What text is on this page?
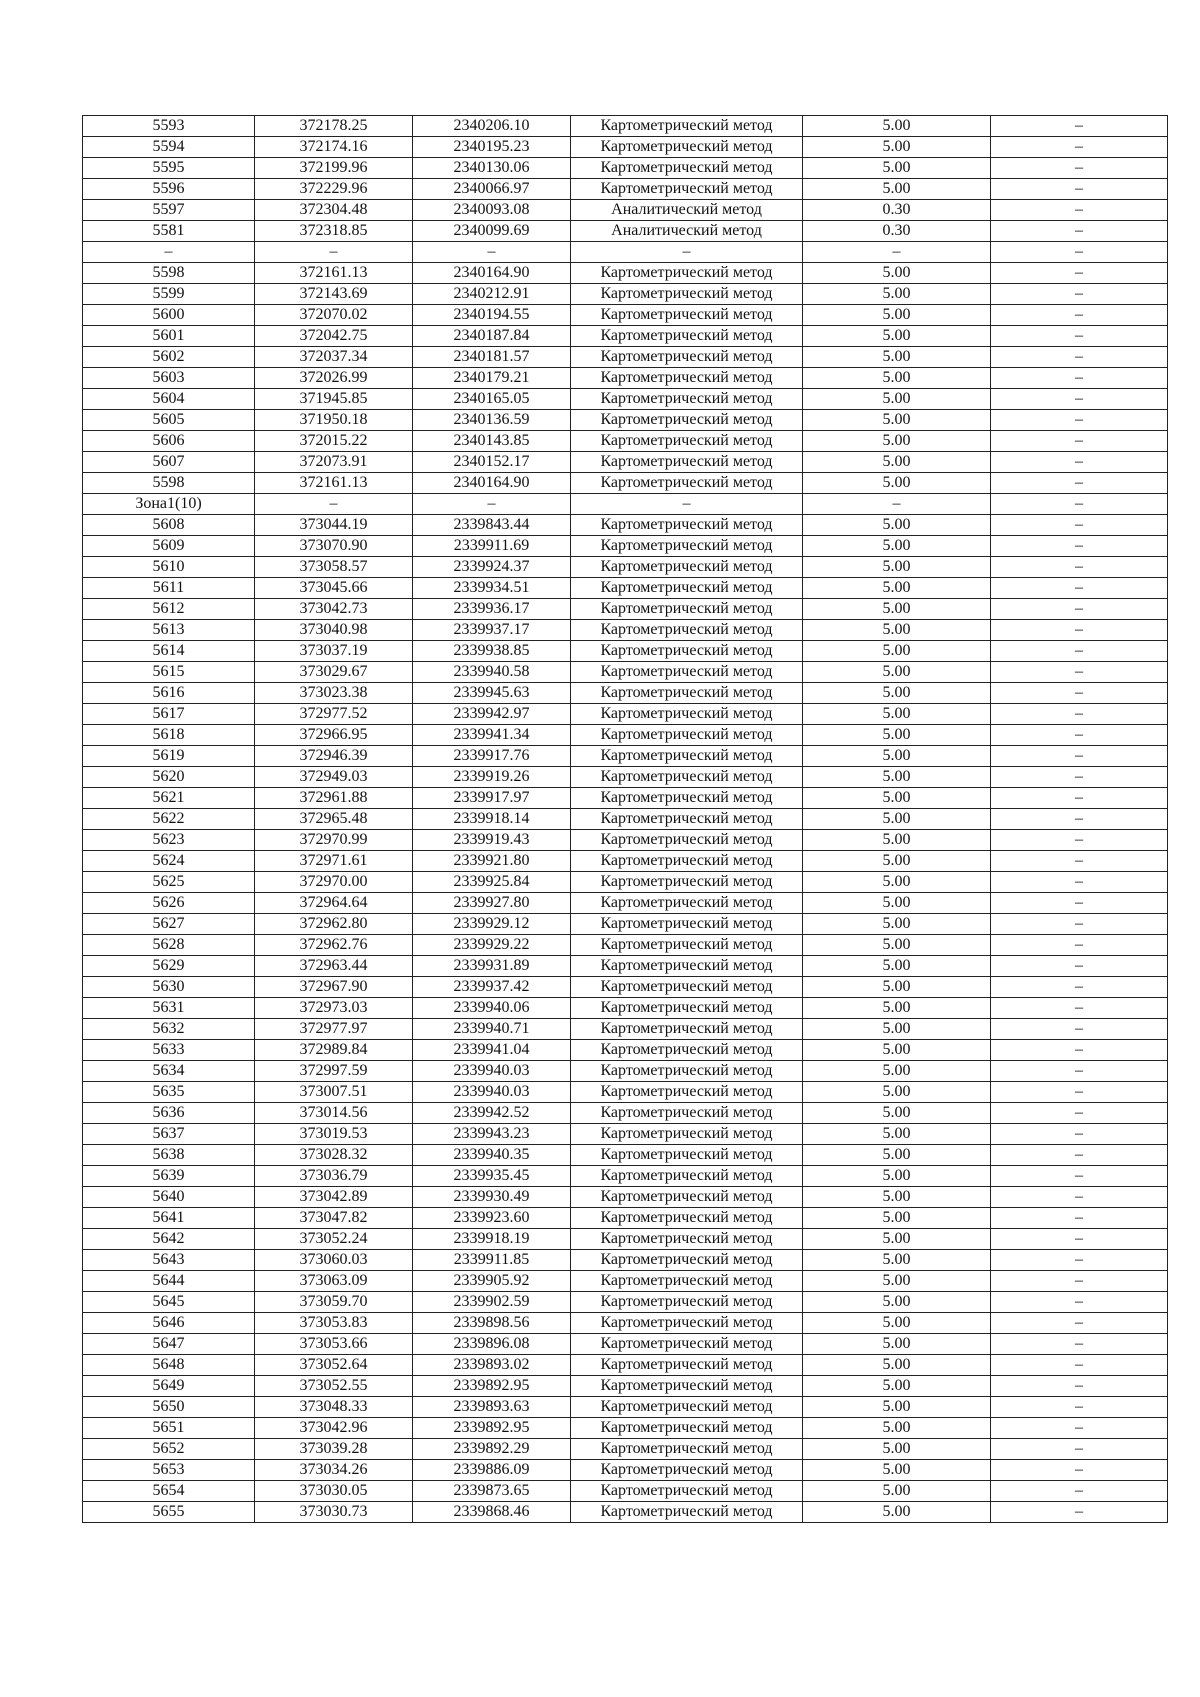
5593	372178.25	2340206.10	Картометрический метод	5.00	–
5594	372174.16	2340195.23	Картометрический метод	5.00	–
5595	372199.96	2340130.06	Картометрический метод	5.00	–
5596	372229.96	2340066.97	Картометрический метод	5.00	–
5597	372304.48	2340093.08	Аналитический метод	0.30	–
5581	372318.85	2340099.69	Аналитический метод	0.30	–
–	–	–	–	–	–
5598	372161.13	2340164.90	Картометрический метод	5.00	–
5599	372143.69	2340212.91	Картометрический метод	5.00	–
5600	372070.02	2340194.55	Картометрический метод	5.00	–
5601	372042.75	2340187.84	Картометрический метод	5.00	–
5602	372037.34	2340181.57	Картометрический метод	5.00	–
5603	372026.99	2340179.21	Картометрический метод	5.00	–
5604	371945.85	2340165.05	Картометрический метод	5.00	–
5605	371950.18	2340136.59	Картометрический метод	5.00	–
5606	372015.22	2340143.85	Картометрический метод	5.00	–
5607	372073.91	2340152.17	Картометрический метод	5.00	–
5598	372161.13	2340164.90	Картометрический метод	5.00	–
Зона1(10)	–	–	–	–	–
5608	373044.19	2339843.44	Картометрический метод	5.00	–
5609	373070.90	2339911.69	Картометрический метод	5.00	–
5610	373058.57	2339924.37	Картометрический метод	5.00	–
5611	373045.66	2339934.51	Картометрический метод	5.00	–
5612	373042.73	2339936.17	Картометрический метод	5.00	–
5613	373040.98	2339937.17	Картометрический метод	5.00	–
5614	373037.19	2339938.85	Картометрический метод	5.00	–
5615	373029.67	2339940.58	Картометрический метод	5.00	–
5616	373023.38	2339945.63	Картометрический метод	5.00	–
5617	372977.52	2339942.97	Картометрический метод	5.00	–
5618	372966.95	2339941.34	Картометрический метод	5.00	–
5619	372946.39	2339917.76	Картометрический метод	5.00	–
5620	372949.03	2339919.26	Картометрический метод	5.00	–
5621	372961.88	2339917.97	Картометрический метод	5.00	–
5622	372965.48	2339918.14	Картометрический метод	5.00	–
5623	372970.99	2339919.43	Картометрический метод	5.00	–
5624	372971.61	2339921.80	Картометрический метод	5.00	–
5625	372970.00	2339925.84	Картометрический метод	5.00	–
5626	372964.64	2339927.80	Картометрический метод	5.00	–
5627	372962.80	2339929.12	Картометрический метод	5.00	–
5628	372962.76	2339929.22	Картометрический метод	5.00	–
5629	372963.44	2339931.89	Картометрический метод	5.00	–
5630	372967.90	2339937.42	Картометрический метод	5.00	–
5631	372973.03	2339940.06	Картометрический метод	5.00	–
5632	372977.97	2339940.71	Картометрический метод	5.00	–
5633	372989.84	2339941.04	Картометрический метод	5.00	–
5634	372997.59	2339940.03	Картометрический метод	5.00	–
5635	373007.51	2339940.03	Картометрический метод	5.00	–
5636	373014.56	2339942.52	Картометрический метод	5.00	–
5637	373019.53	2339943.23	Картометрический метод	5.00	–
5638	373028.32	2339940.35	Картометрический метод	5.00	–
5639	373036.79	2339935.45	Картометрический метод	5.00	–
5640	373042.89	2339930.49	Картометрический метод	5.00	–
5641	373047.82	2339923.60	Картометрический метод	5.00	–
5642	373052.24	2339918.19	Картометрический метод	5.00	–
5643	373060.03	2339911.85	Картометрический метод	5.00	–
5644	373063.09	2339905.92	Картометрический метод	5.00	–
5645	373059.70	2339902.59	Картометрический метод	5.00	–
5646	373053.83	2339898.56	Картометрический метод	5.00	–
5647	373053.66	2339896.08	Картометрический метод	5.00	–
5648	373052.64	2339893.02	Картометрический метод	5.00	–
5649	373052.55	2339892.95	Картометрический метод	5.00	–
5650	373048.33	2339893.63	Картометрический метод	5.00	–
5651	373042.96	2339892.95	Картометрический метод	5.00	–
5652	373039.28	2339892.29	Картометрический метод	5.00	–
5653	373034.26	2339886.09	Картометрический метод	5.00	–
5654	373030.05	2339873.65	Картометрический метод	5.00	–
5655	373030.73	2339868.46	Картометрический метод	5.00	–
